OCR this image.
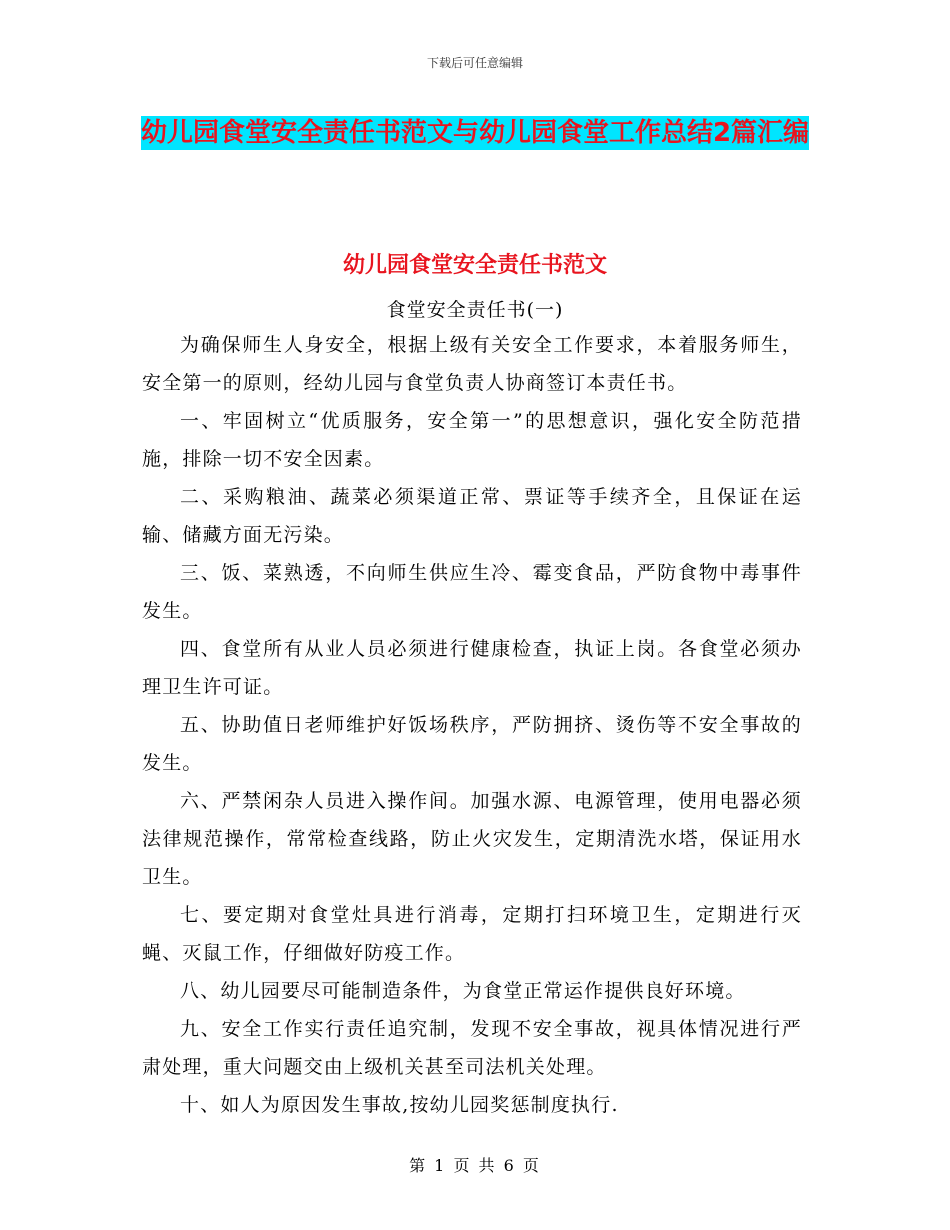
下载后可任意编辑
幼儿园食堂安全责任书范文与幼儿园食堂工作总结2篇汇编
幼儿园食堂安全责任书范文
食堂安全责任书(一)

为确保师生人身安全，根据上级有关安全工作要求，本着服务师生，安全第一的原则，经幼儿园与食堂负责人协商签订本责任书。

一、牢固树立“优质服务，安全第一”的思想意识，强化安全防范措施，排除一切不安全因素。

二、采购粮油、蔬菜必须渠道正常、票证等手续齐全，且保证在运输、储藏方面无污染。

三、饭、菜熟透，不向师生供应生冷、霉变食品，严防食物中毒事件发生。

四、食堂所有从业人员必须进行健康检查，执证上岗。各食堂必须办理卫生许可证。

五、协助值日老师维护好饭场秩序，严防拥挤、烫伤等不安全事故的发生。

六、严禁闲杂人员进入操作间。加强水源、电源管理，使用电器必须法律规范操作，常常检查线路，防止火灾发生，定期清洗水塔，保证用水卫生。

七、要定期对食堂灶具进行消毒，定期打扫环境卫生，定期进行灭蝇、灭鼠工作，仔细做好防疫工作。

八、幼儿园要尽可能制造条件，为食堂正常运作提供良好环境。

九、安全工作实行责任追究制，发现不安全事故，视具体情况进行严肃处理，重大问题交由上级机关甚至司法机关处理。

十、如人为原因发生事故,按幼儿园奖惩制度执行.

第 1 页 共 6 页
